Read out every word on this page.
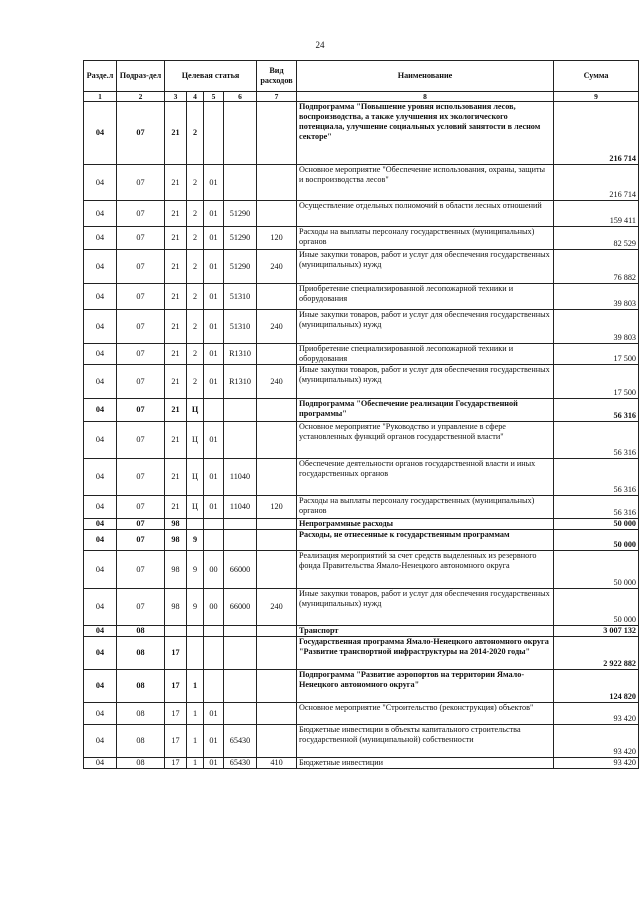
24
Разде.л	Подраз-дел	Целевая статья				Вид расходов	Наименование	Сумма
1	2	3	4	5	6	7	8	9
04	07	21	2				Подпрограмма "Повышение уровня использования лесов, воспроизводства, а также улучшения их экологического потенциала, улучшение социальных условий занятости в лесном секторе"	216 714
04	07	21	2	01			Основное мероприятие "Обеспечение использования, охраны, защиты и воспроизводства лесов"	216 714
04	07	21	2	01	51290		Осуществление отдельных полномочий в области лесных отношений	159 411
04	07	21	2	01	51290	120	Расходы на выплаты персоналу государственных (муниципальных) органов	82 529
04	07	21	2	01	51290	240	Иные закупки товаров, работ и услуг для обеспечения государственных (муниципальных) нужд	76 882
04	07	21	2	01	51310		Приобретение специализированной лесопожарной техники и оборудования	39 803
04	07	21	2	01	51310	240	Иные закупки товаров, работ и услуг для обеспечения государственных (муниципальных) нужд	39 803
04	07	21	2	01	R1310		Приобретение специализированной лесопожарной техники и оборудования	17 500
04	07	21	2	01	R1310	240	Иные закупки товаров, работ и услуг для обеспечения государственных (муниципальных) нужд	17 500
04	07	21	Ц				Подпрограмма "Обеспечение реализации Государственной программы"	56 316
04	07	21	Ц	01			Основное мероприятие "Руководство и управление в сфере установленных функций органов государственной власти"	56 316
04	07	21	Ц	01	11040		Обеспечение деятельности органов государственной власти и иных государственных органов	56 316
04	07	21	Ц	01	11040	120	Расходы на выплаты персоналу государственных (муниципальных) органов	56 316
04	07	98					Непрограммные расходы	50 000
04	07	98	9				Расходы, не отнесенные к государственным программам	50 000
04	07	98	9	00	66000		Реализация мероприятий за счет средств выделенных из резервного фонда Правительства Ямало-Ненецкого автономного округа	50 000
04	07	98	9	00	66000	240	Иные закупки товаров, работ и услуг для обеспечения государственных (муниципальных) нужд	50 000
04	08						Транспорт	3 007 132
04	08	17					Государственная программа Ямало-Ненецкого автономного округа "Развитие транспортной инфраструктуры на 2014-2020 годы"	2 922 882
04	08	17	1				Подпрограмма "Развитие аэропортов на территории Ямало-Ненецкого автономного округа"	124 820
04	08	17	1	01			Основное мероприятие "Строительство (реконструкция) объектов"	93 420
04	08	17	1	01	65430		Бюджетные инвестиции в объекты капитального строительства государственной (муниципальной) собственности	93 420
04	08	17	1	01	65430	410	Бюджетные инвестиции	93 420
